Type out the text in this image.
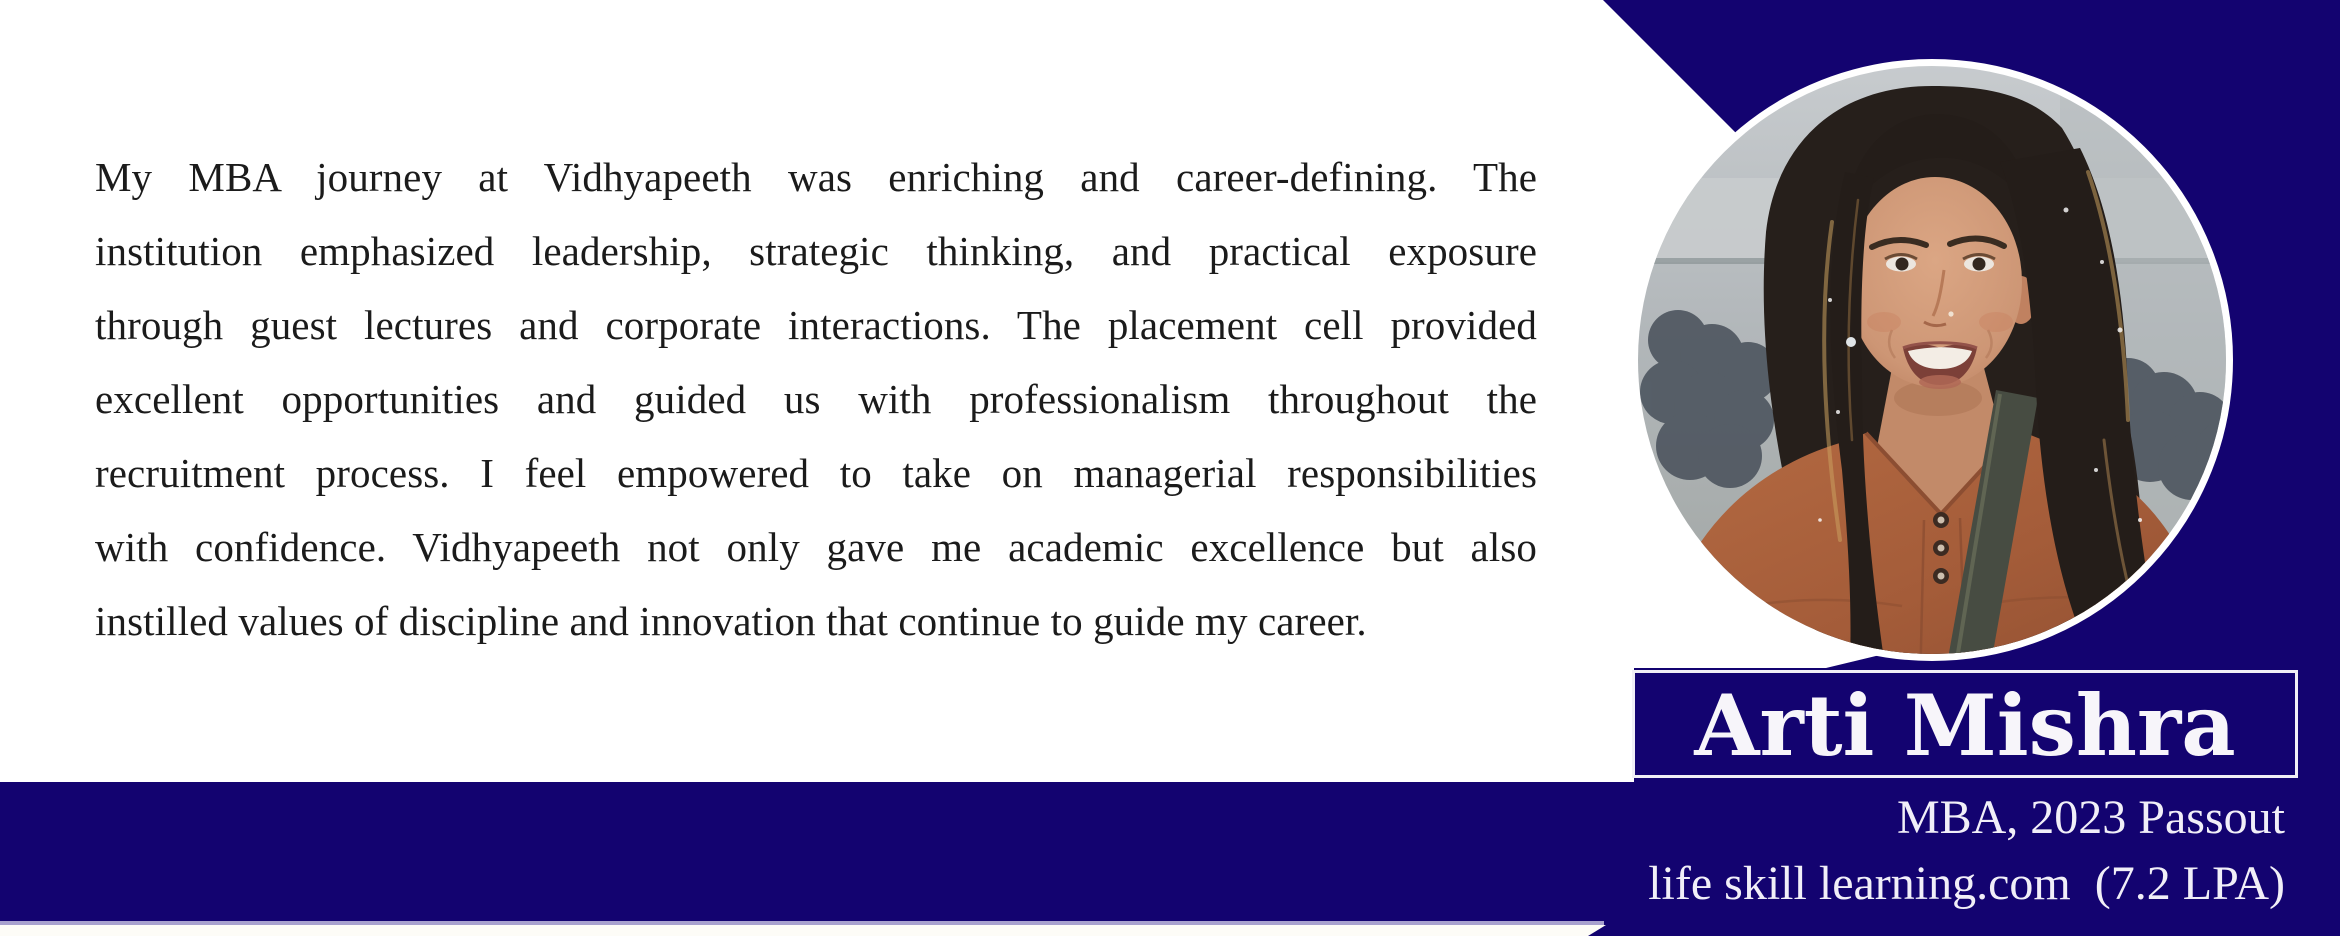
My MBA journey at Vidhyapeeth was enriching and career-defining. The
institution emphasized leadership, strategic thinking, and practical exposure
through guest lectures and corporate interactions. The placement cell provided
excellent opportunities and guided us with professionalism throughout the
recruitment process. I feel empowered to take on managerial responsibilities
with confidence. Vidhyapeeth not only gave me academic excellence but also
instilled values of discipline and innovation that continue to guide my career.
Arti Mishra
MBA, 2023 Passout
life skill learning.com  (7.2 LPA)
